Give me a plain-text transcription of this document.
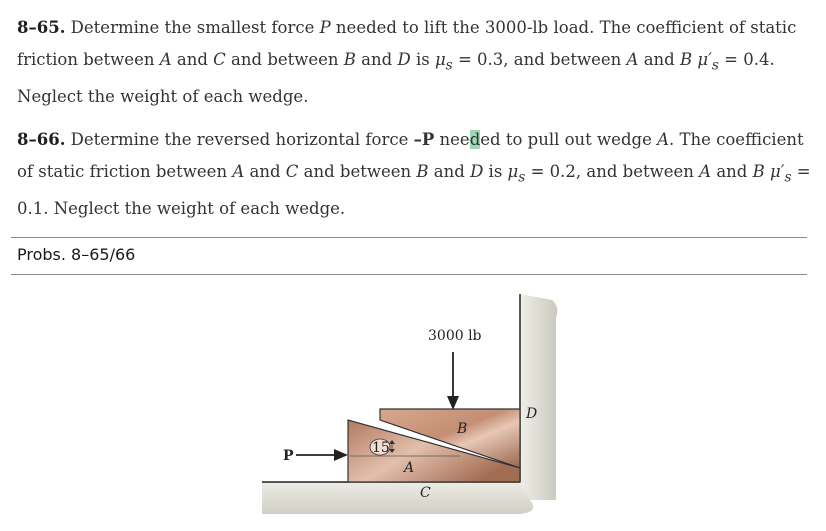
8–65. Determine the smallest force P needed to lift the 3000-lb load. The coefficient of static friction between A and C and between B and D is $\mu_s = 0.3$, and between A and B $\mu'_s = 0.4$. Neglect the weight of each wedge.
8–66. Determine the reversed horizontal force –P needed to pull out wedge A. The coefficient of static friction between A and C and between B and D is $\mu_s = 0.2$, and between A and B $\mu'_s = 0.1$. Neglect the weight of each wedge.
Probs. 8–65/66
3000 lb
P	15
A
B
C
D
